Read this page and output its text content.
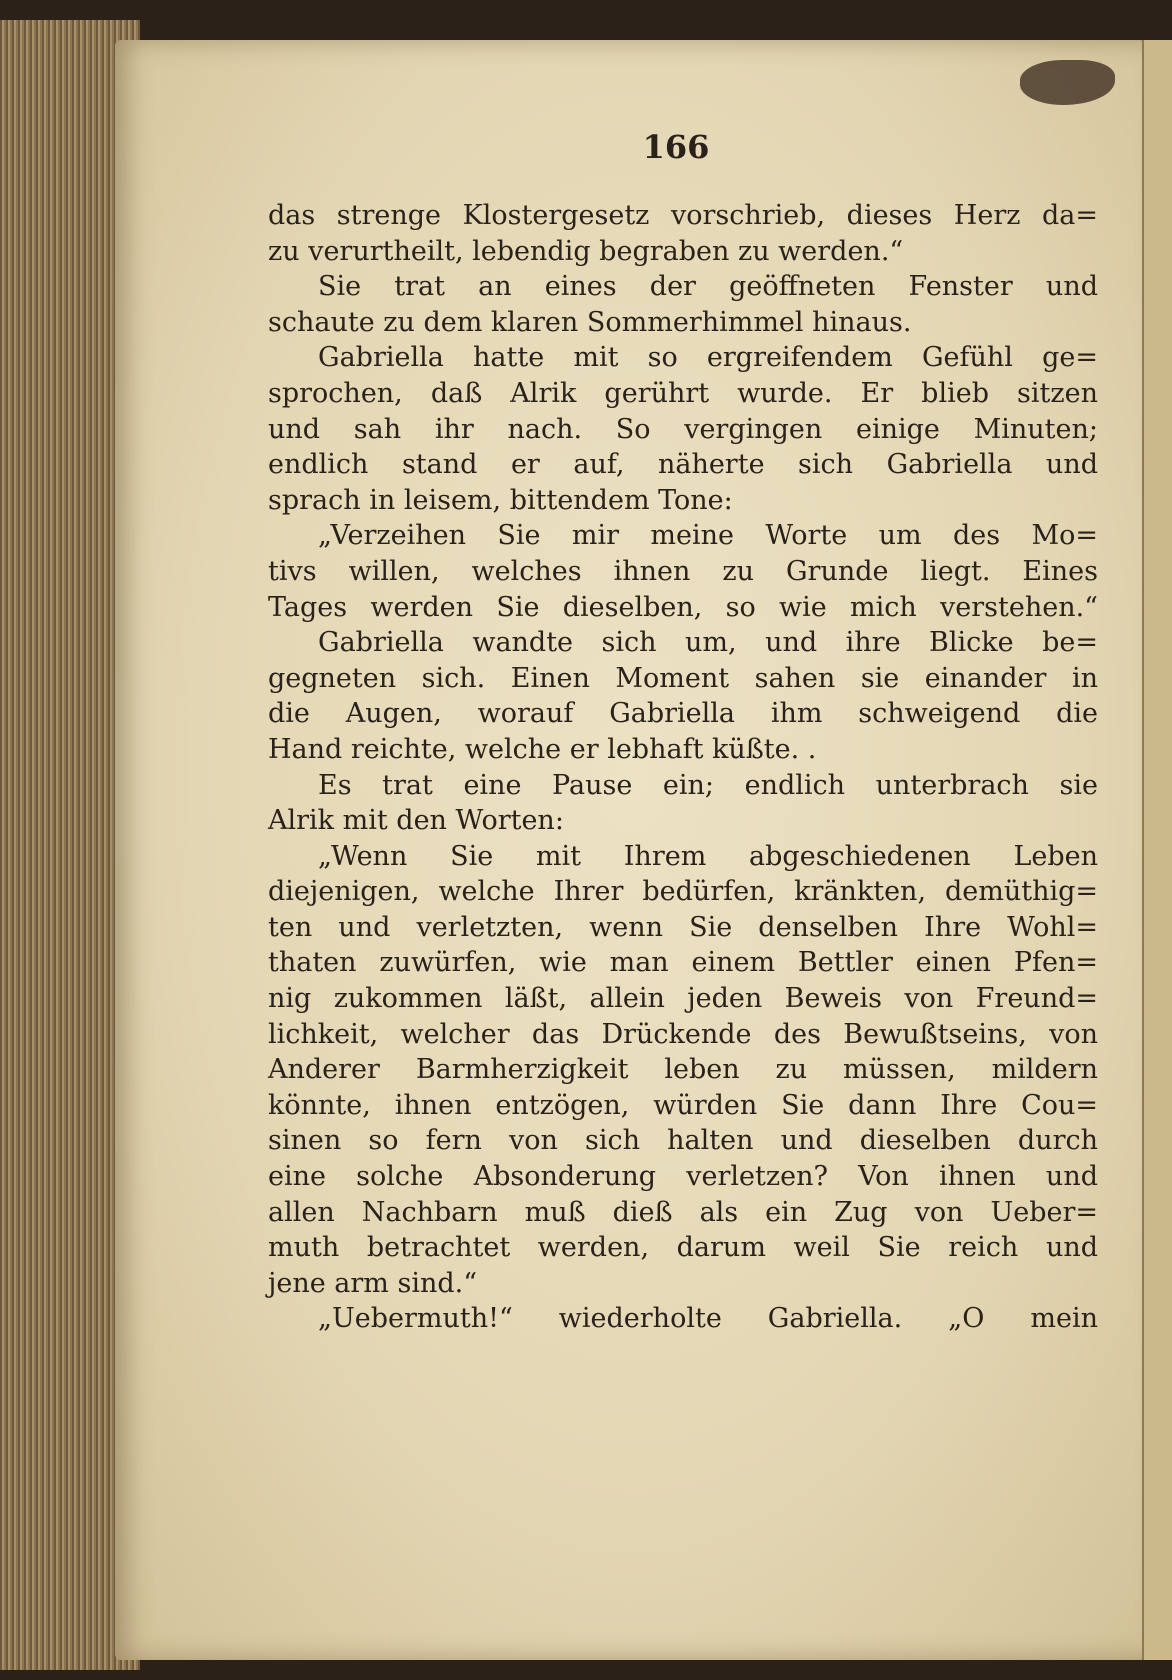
166
das strenge Klostergesetz vorschrieb, dieses Herz da=
zu verurtheilt, lebendig begraben zu werden.“
Sie trat an eines der geöffneten Fenster und
schaute zu dem klaren Sommerhimmel hinaus.
Gabriella hatte mit so ergreifendem Gefühl ge=
sprochen, daß Alrik gerührt wurde. Er blieb sitzen
und sah ihr nach. So vergingen einige Minuten;
endlich stand er auf, näherte sich Gabriella und
sprach in leisem, bittendem Tone:
„Verzeihen Sie mir meine Worte um des Mo=
tivs willen, welches ihnen zu Grunde liegt. Eines
Tages werden Sie dieselben, so wie mich verstehen.“
Gabriella wandte sich um, und ihre Blicke be=
gegneten sich. Einen Moment sahen sie einander in
die Augen, worauf Gabriella ihm schweigend die
Hand reichte, welche er lebhaft küßte. .
Es trat eine Pause ein; endlich unterbrach sie
Alrik mit den Worten:
„Wenn Sie mit Ihrem abgeschiedenen Leben
diejenigen, welche Ihrer bedürfen, kränkten, demüthig=
ten und verletzten, wenn Sie denselben Ihre Wohl=
thaten zuwürfen, wie man einem Bettler einen Pfen=
nig zukommen läßt, allein jeden Beweis von Freund=
lichkeit, welcher das Drückende des Bewußtseins, von
Anderer Barmherzigkeit leben zu müssen, mildern
könnte, ihnen entzögen, würden Sie dann Ihre Cou=
sinen so fern von sich halten und dieselben durch
eine solche Absonderung verletzen? Von ihnen und
allen Nachbarn muß dieß als ein Zug von Ueber=
muth betrachtet werden, darum weil Sie reich und
jene arm sind.“
„Uebermuth!“ wiederholte Gabriella. „O mein
